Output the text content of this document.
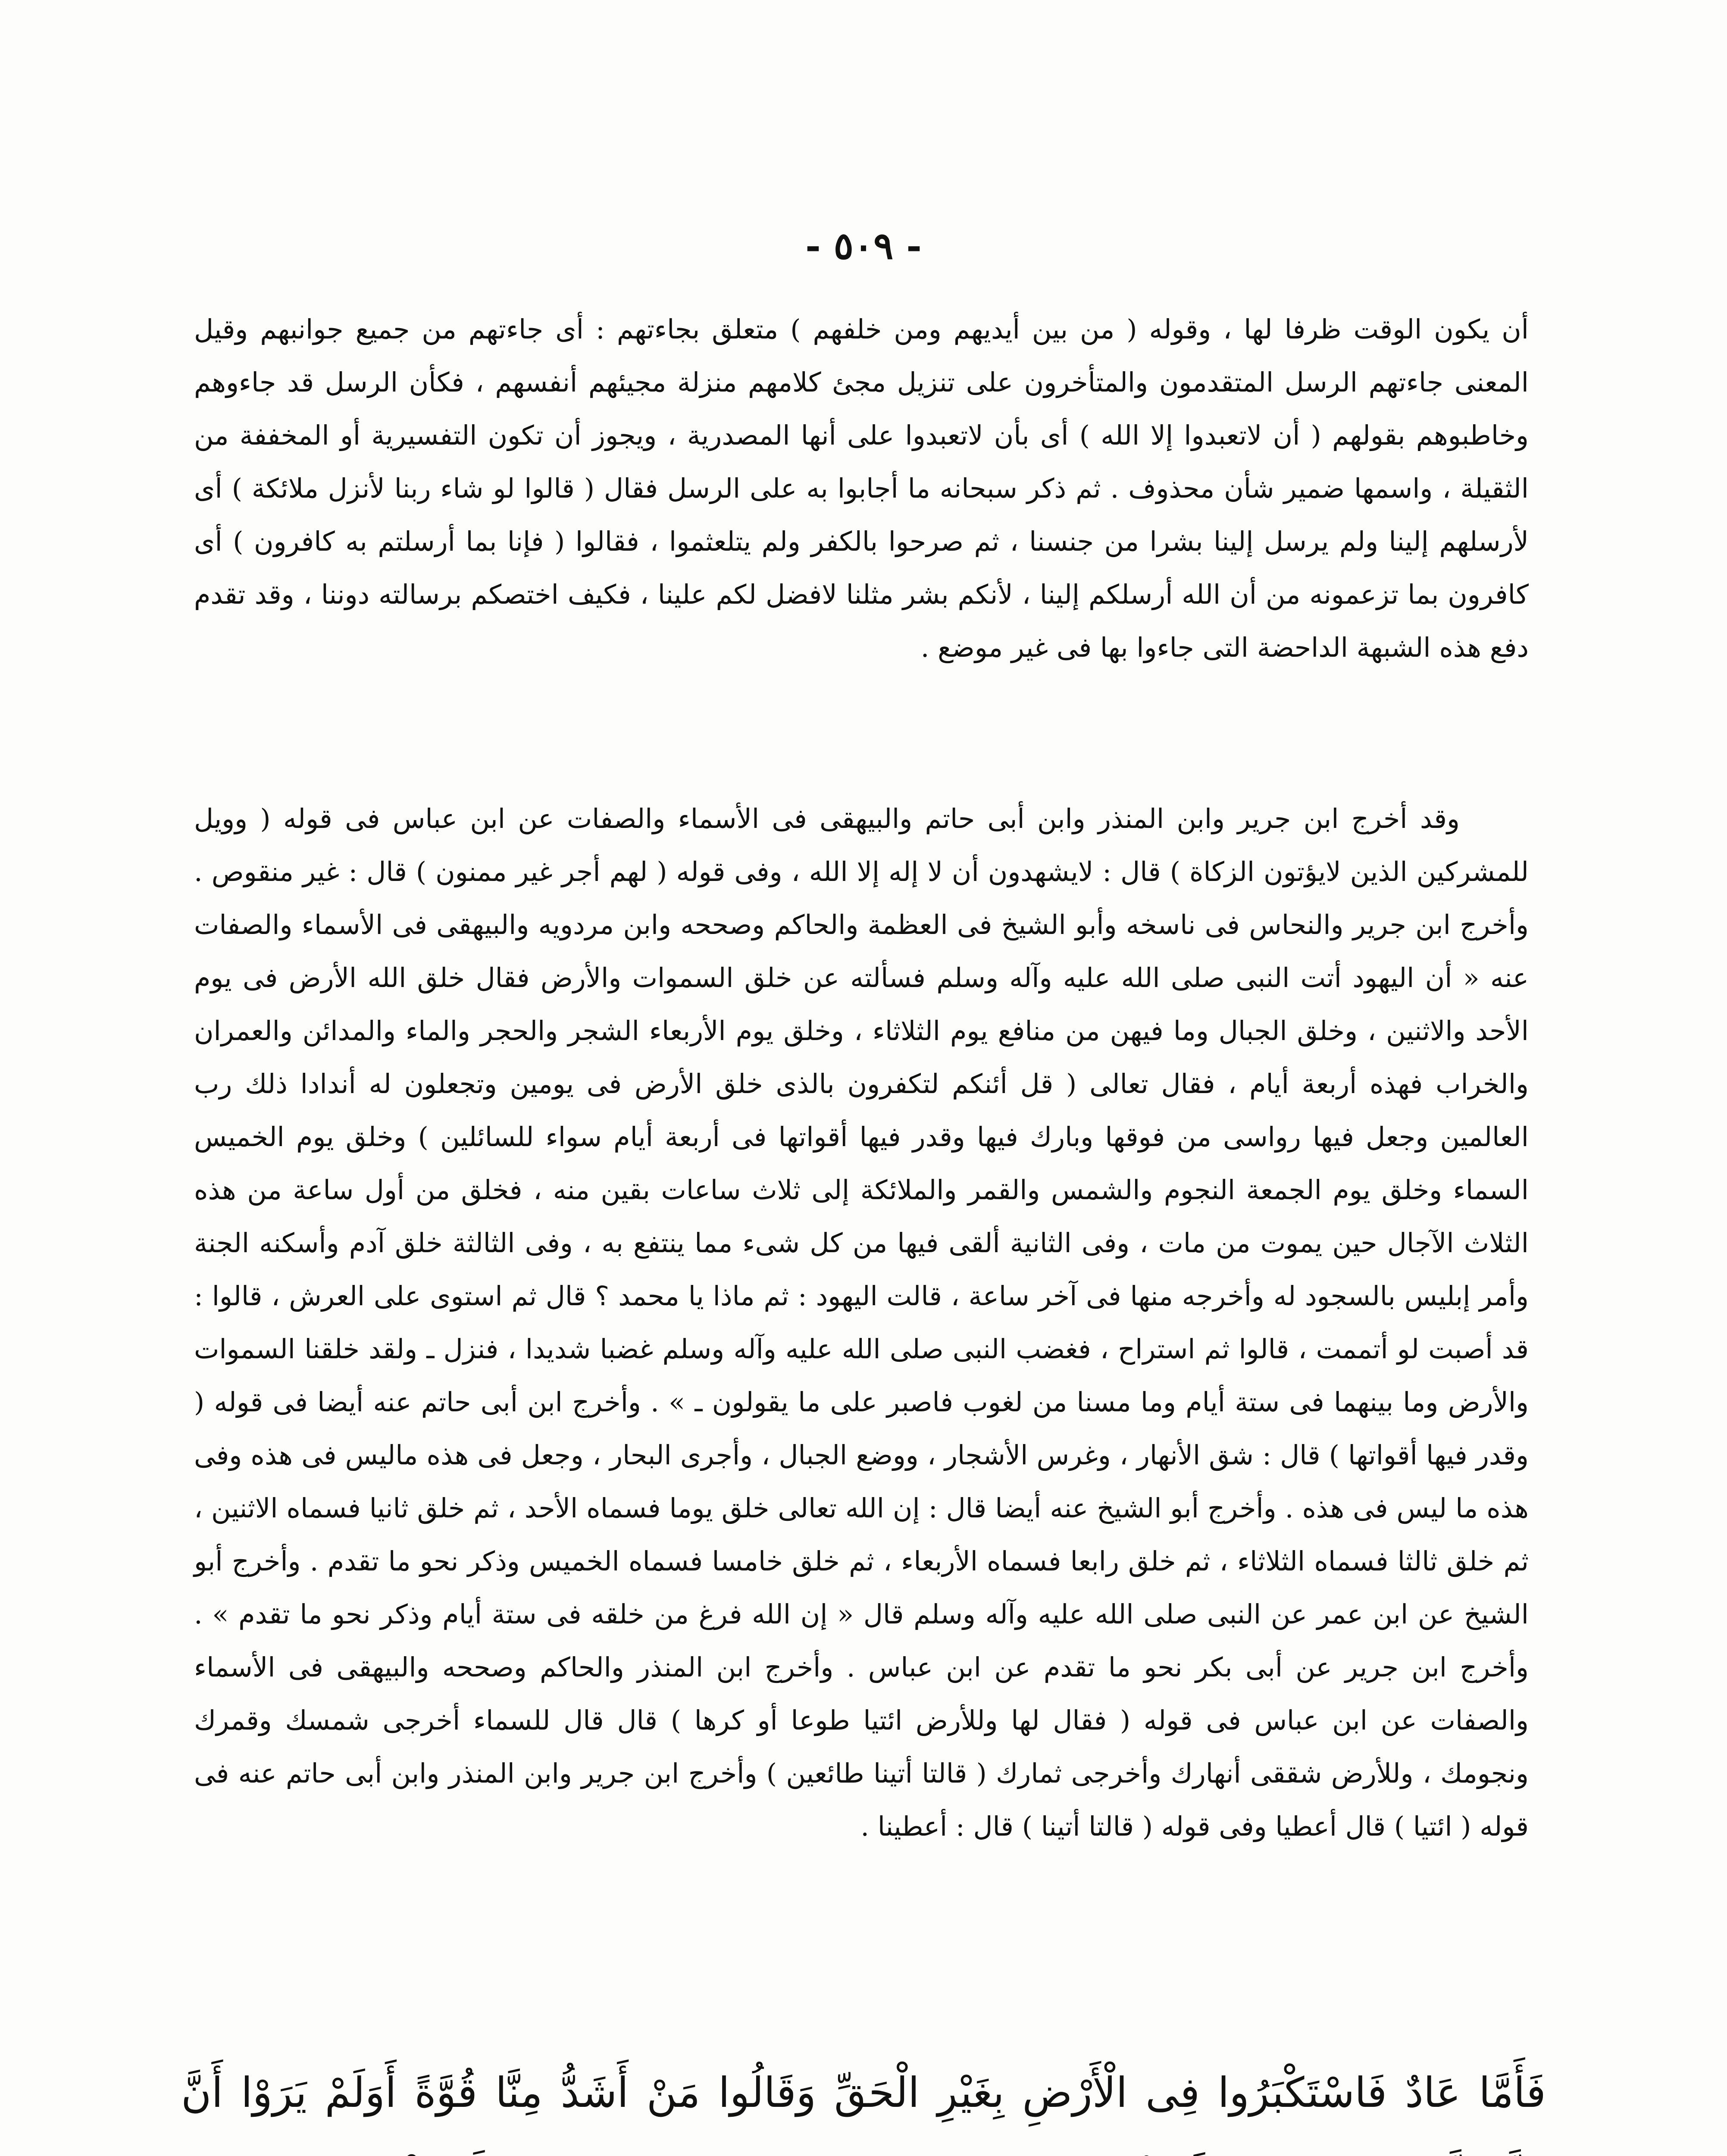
- ٥٠٩ -

أن يكون الوقت ظرفا لها ، وقوله ( من بين أيديهم ومن خلفهم ) متعلق بجاءتهم : أى جاءتهم من جميع جوانبهم وقيل المعنى جاءتهم الرسل المتقدمون والمتأخرون على تنزيل مجئ كلامهم منزلة مجيئهم أنفسهم ، فكأن الرسل قد جاءوهم وخاطبوهم بقولهم ( أن لاتعبدوا إلا الله ) أى بأن لاتعبدوا على أنها المصدرية ، ويجوز أن تكون التفسيرية أو المخففة من الثقيلة ، واسمها ضمير شأن محذوف . ثم ذكر سبحانه ما أجابوا به على الرسل فقال ( قالوا لو شاء ربنا لأنزل ملائكة ) أى لأرسلهم إلينا ولم يرسل إلينا بشرا من جنسنا ، ثم صرحوا بالكفر ولم يتلعثموا ، فقالوا ( فإنا بما أرسلتم به كافرون ) أى كافرون بما تزعمونه من أن الله أرسلكم إلينا ، لأنكم بشر مثلنا لافضل لكم علينا ، فكيف اختصكم برسالته دوننا ، وقد تقدم دفع هذه الشبهة الداحضة التى جاءوا بها فى غير موضع .

وقد أخرج ابن جرير وابن المنذر وابن أبى حاتم والبيهقى فى الأسماء والصفات عن ابن عباس فى قوله ( وويل للمشركين الذين لايؤتون الزكاة ) قال : لايشهدون أن لا إله إلا الله ، وفى قوله ( لهم أجر غير ممنون ) قال : غير منقوص . وأخرج ابن جرير والنحاس فى ناسخه وأبو الشيخ فى العظمة والحاكم وصححه وابن مردويه والبيهقى فى الأسماء والصفات عنه « أن اليهود أتت النبى صلى الله عليه وآله وسلم فسألته عن خلق السموات والأرض فقال خلق الله الأرض فى يوم الأحد والاثنين ، وخلق الجبال وما فيهن من منافع يوم الثلاثاء ، وخلق يوم الأربعاء الشجر والحجر والماء والمدائن والعمران والخراب فهذه أربعة أيام ، فقال تعالى ( قل أئنكم لتكفرون بالذى خلق الأرض فى يومين وتجعلون له أندادا ذلك رب العالمين وجعل فيها رواسى من فوقها وبارك فيها وقدر فيها أقواتها فى أربعة أيام سواء للسائلين ) وخلق يوم الخميس السماء وخلق يوم الجمعة النجوم والشمس والقمر والملائكة إلى ثلاث ساعات بقين منه ، فخلق من أول ساعة من هذه الثلاث الآجال حين يموت من مات ، وفى الثانية ألقى فيها من كل شىء مما ينتفع به ، وفى الثالثة خلق آدم وأسكنه الجنة وأمر إبليس بالسجود له وأخرجه منها فى آخر ساعة ، قالت اليهود : ثم ماذا يا محمد ؟ قال ثم استوى على العرش ، قالوا : قد أصبت لو أتممت ، قالوا ثم استراح ، فغضب النبى صلى الله عليه وآله وسلم غضبا شديدا ، فنزل ـ ولقد خلقنا السموات والأرض وما بينهما فى ستة أيام وما مسنا من لغوب فاصبر على ما يقولون ـ » . وأخرج ابن أبى حاتم عنه أيضا فى قوله ( وقدر فيها أقواتها ) قال : شق الأنهار ، وغرس الأشجار ، ووضع الجبال ، وأجرى البحار ، وجعل فى هذه ماليس فى هذه وفى هذه ما ليس فى هذه . وأخرج أبو الشيخ عنه أيضا قال : إن الله تعالى خلق يوما فسماه الأحد ، ثم خلق ثانيا فسماه الاثنين ، ثم خلق ثالثا فسماه الثلاثاء ، ثم خلق رابعا فسماه الأربعاء ، ثم خلق خامسا فسماه الخميس وذكر نحو ما تقدم . وأخرج أبو الشيخ عن ابن عمر عن النبى صلى الله عليه وآله وسلم قال « إن الله فرغ من خلقه فى ستة أيام وذكر نحو ما تقدم » . وأخرج ابن جرير عن أبى بكر نحو ما تقدم عن ابن عباس . وأخرج ابن المنذر والحاكم وصححه والبيهقى فى الأسماء والصفات عن ابن عباس فى قوله ( فقال لها وللأرض ائتيا طوعا أو كرها ) قال قال للسماء أخرجى شمسك وقمرك ونجومك ، وللأرض شققى أنهارك وأخرجى ثمارك ( قالتا أتينا طائعين ) وأخرج ابن جرير وابن المنذر وابن أبى حاتم عنه فى قوله ( ائتيا ) قال أعطيا وفى قوله ( قالتا أتينا ) قال : أعطينا .

فَأَمَّا عَادٌ فَاسْتَكْبَرُوا فِى الْأَرْضِ بِغَيْرِ الْحَقِّ وَقَالُوا مَنْ أَشَدُّ مِنَّا قُوَّةً أَوَلَمْ يَرَوْا أَنَّ
